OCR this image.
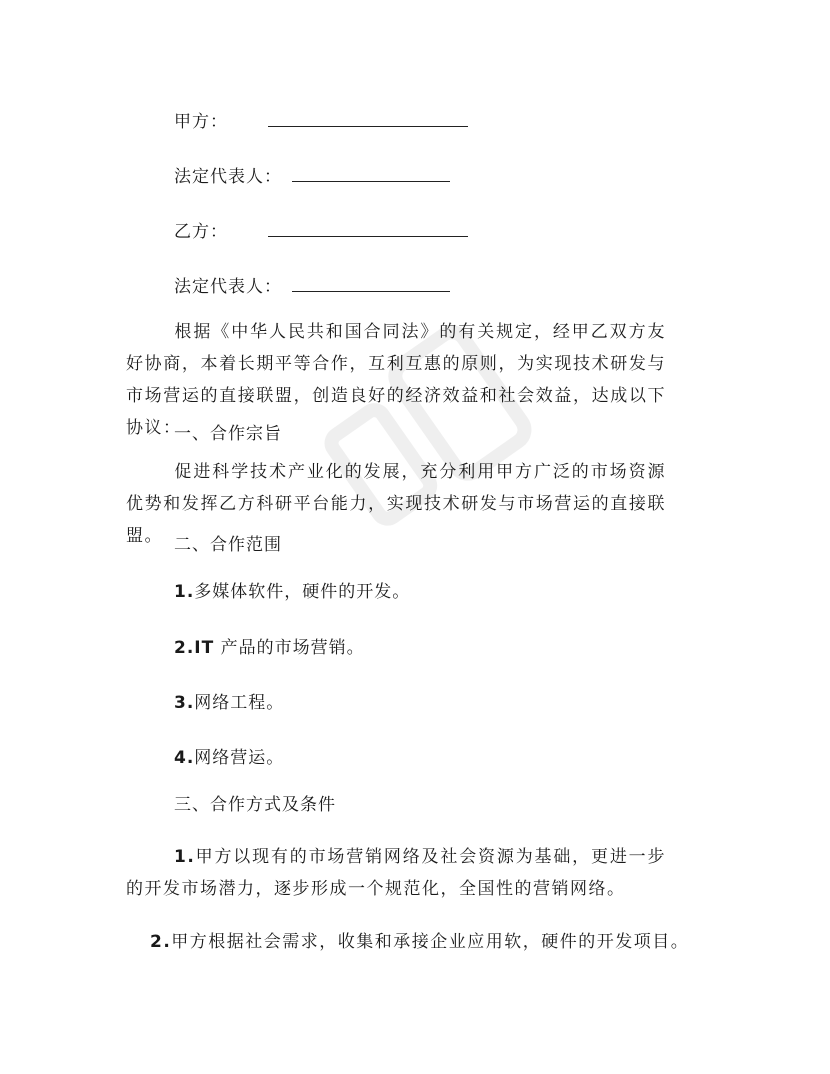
甲方：
法定代表人：
乙方：
法定代表人：
根据《中华人民共和国合同法》的有关规定，经甲乙双方友好协商，本着长期平等合作，互利互惠的原则，为实现技术研发与市场营运的直接联盟，创造良好的经济效益和社会效益，达成以下协议：
一、合作宗旨
促进科学技术产业化的发展，充分利用甲方广泛的市场资源优势和发挥乙方科研平台能力，实现技术研发与市场营运的直接联盟。 二、合作范围
1.多媒体软件，硬件的开发。
2.IT 产品的市场营销。
3.网络工程。
4.网络营运。
三、合作方式及条件
1.甲方以现有的市场营销网络及社会资源为基础，更进一步的开发市场潜力，逐步形成一个规范化，全国性的营销网络。
2.甲方根据社会需求，收集和承接企业应用软，硬件的开发项目。
